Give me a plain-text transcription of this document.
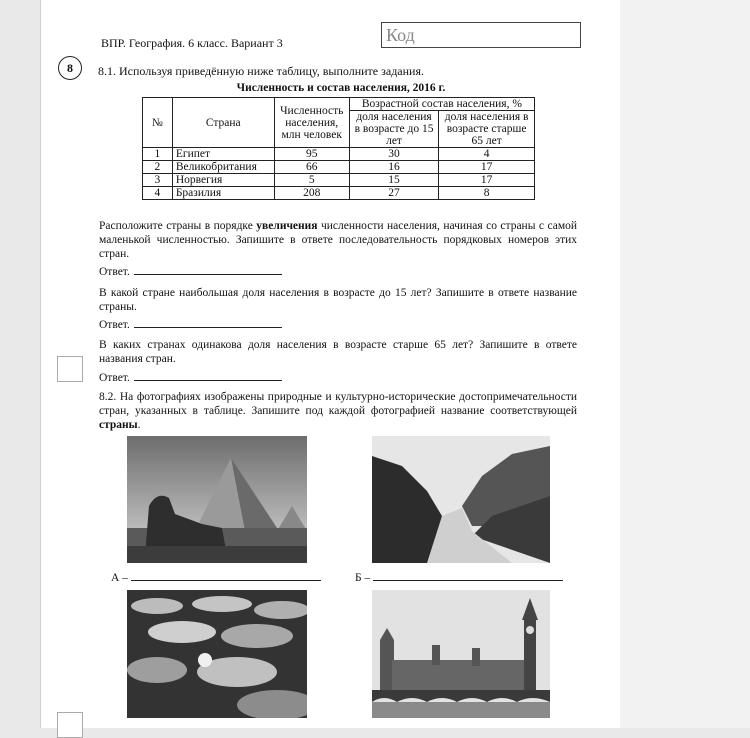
ВПР. География. 6 класс. Вариант 3	Код
8	8.1. Используя приведённую ниже таблицу, выполните задания.
Численность и состав населения, 2016 г.
№	Страна	Численность населения, млн человек	Возрастной состав населения, %	
			доля населения в возрасте до 15 лет	доля населения в возрасте старше 65 лет
1	Египет	95	30	4
2	Великобритания	66	16	17
3	Норвегия	5	15	17
4	Бразилия	208	27	8
Расположите страны в порядке увеличения численности населения, начиная со страны с самой маленькой численностью. Запишите в ответе последовательность порядковых номеров этих стран.
Ответ.
В какой стране наибольшая доля населения в возрасте до 15 лет? Запишите в ответе название страны.
Ответ.
В каких странах одинакова доля населения в возрасте старше 65 лет? Запишите в ответе названия стран.
Ответ.
8.2. На фотографиях изображены природные и культурно-исторические достопримечательности стран, указанных в таблице. Запишите под каждой фотографией название соответствующей страны.
А –	Б –
